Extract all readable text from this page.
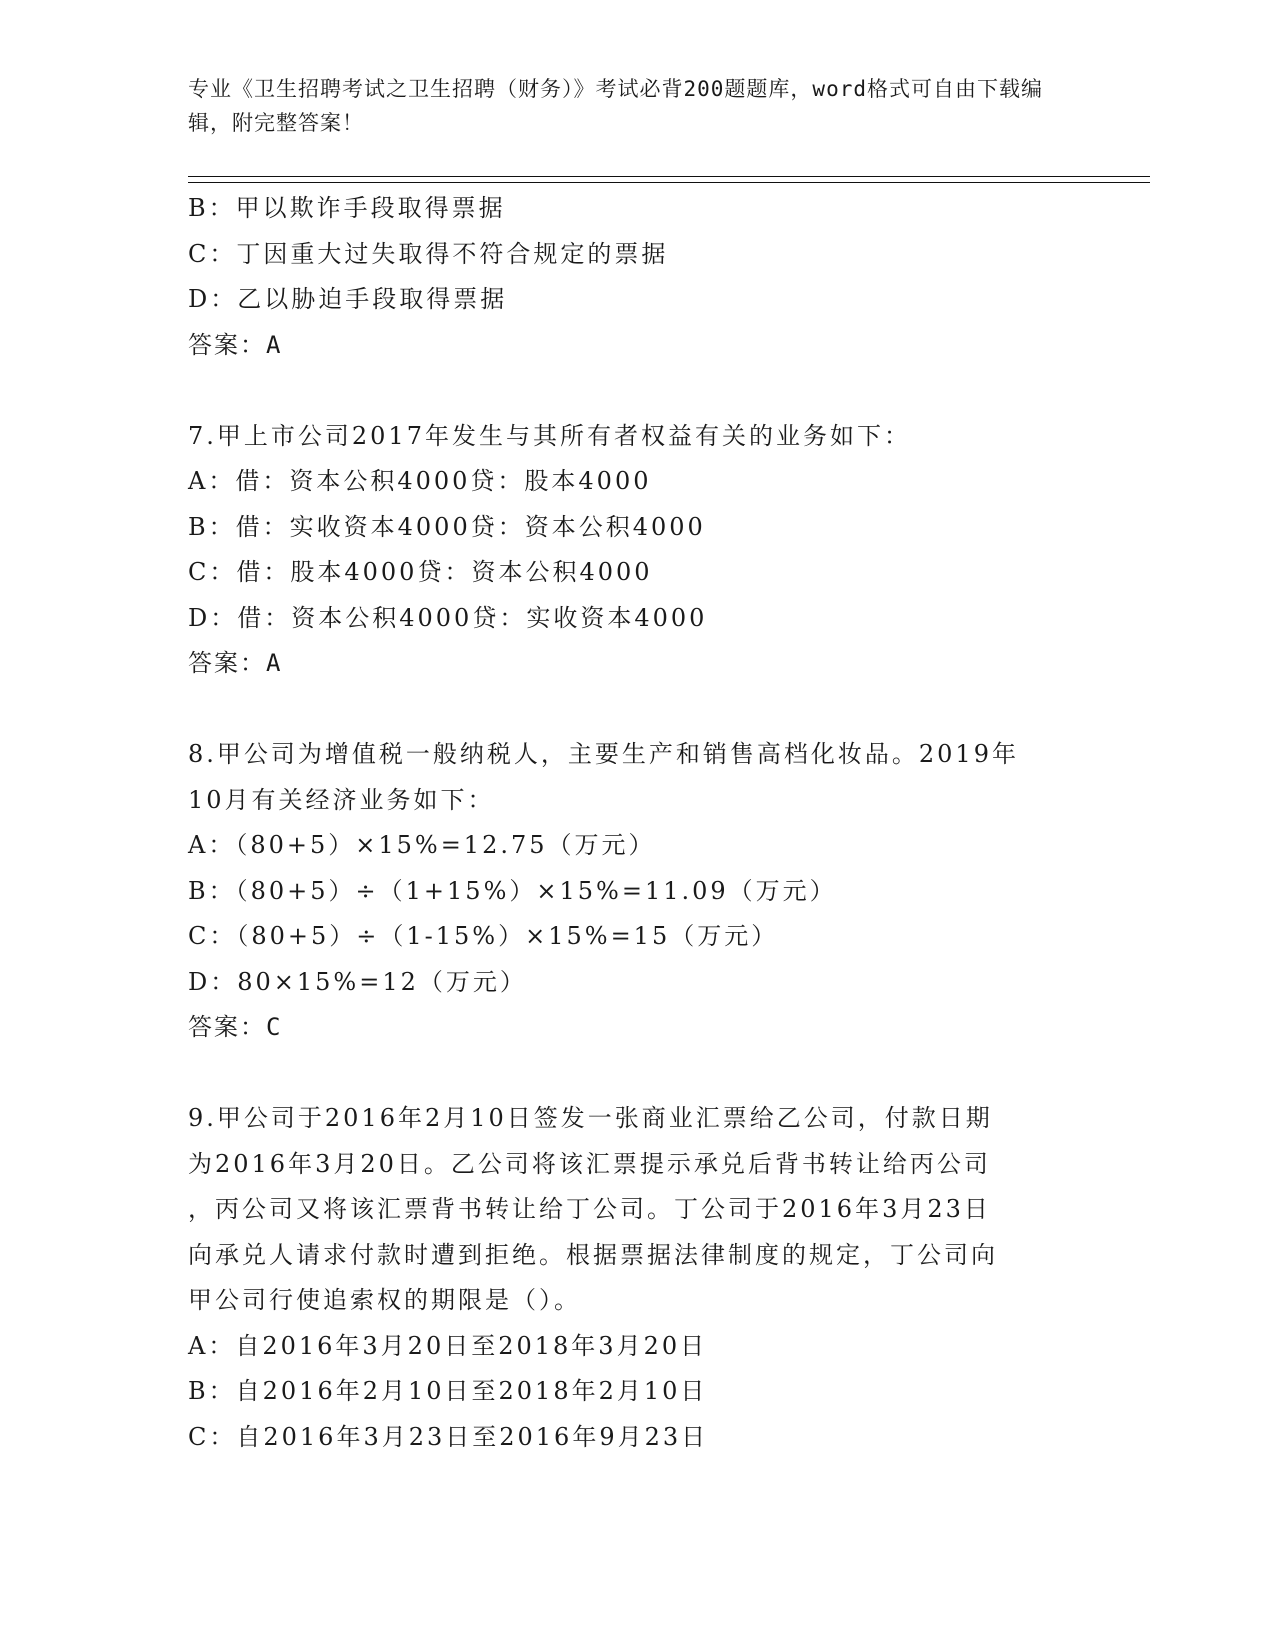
专业《卫生招聘考试之卫生招聘（财务）》考试必背200题题库，word格式可自由下载编辑，附完整答案！
B：甲以欺诈手段取得票据
C：丁因重大过失取得不符合规定的票据
D：乙以胁迫手段取得票据
答案：A
7.甲上市公司2017年发生与其所有者权益有关的业务如下：
A：借：资本公积4000贷：股本4000
B：借：实收资本4000贷：资本公积4000
C：借：股本4000贷：资本公积4000
D：借：资本公积4000贷：实收资本4000
答案：A
8.甲公司为增值税一般纳税人，主要生产和销售高档化妆品。2019年
10月有关经济业务如下：
A：（80+5）×15%=12.75（万元）
B：（80+5）÷（1+15%）×15%=11.09（万元）
C：（80+5）÷（1-15%）×15%=15（万元）
D：80×15%=12（万元）
答案：C
9.甲公司于2016年2月10日签发一张商业汇票给乙公司，付款日期
为2016年3月20日。乙公司将该汇票提示承兑后背书转让给丙公司
，丙公司又将该汇票背书转让给丁公司。丁公司于2016年3月23日
向承兑人请求付款时遭到拒绝。根据票据法律制度的规定，丁公司向
甲公司行使追索权的期限是（）。
A：自2016年3月20日至2018年3月20日
B：自2016年2月10日至2018年2月10日
C：自2016年3月23日至2016年9月23日
